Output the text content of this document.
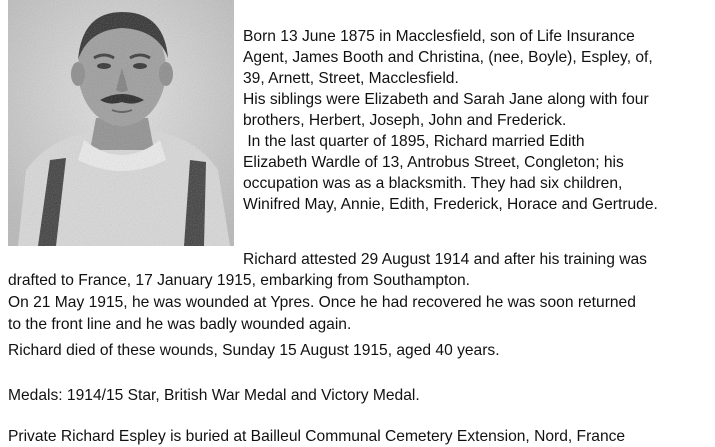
Born 13 June 1875 in Macclesfield, son of Life Insurance
Agent, James Booth and Christina, (nee, Boyle), Espley, of,
39, Arnett, Street, Macclesfield.
His siblings were Elizabeth and Sarah Jane along with four
brothers, Herbert, Joseph, John and Frederick.
In the last quarter of 1895, Richard married Edith
Elizabeth Wardle of 13, Antrobus Street, Congleton; his
occupation was as a blacksmith. They had six children,
Winifred May, Annie, Edith, Frederick, Horace and Gertrude.
Richard attested 29 August 1914 and after his training was
drafted to France, 17 January 1915, embarking from Southampton.
On 21 May 1915, he was wounded at Ypres. Once he had recovered he was soon returned
to the front line and he was badly wounded again.
Richard died of these wounds, Sunday 15 August 1915, aged 40 years.
Medals: 1914/15 Star, British War Medal and Victory Medal.
Private Richard Espley is buried at Bailleul Communal Cemetery Extension, Nord, France
